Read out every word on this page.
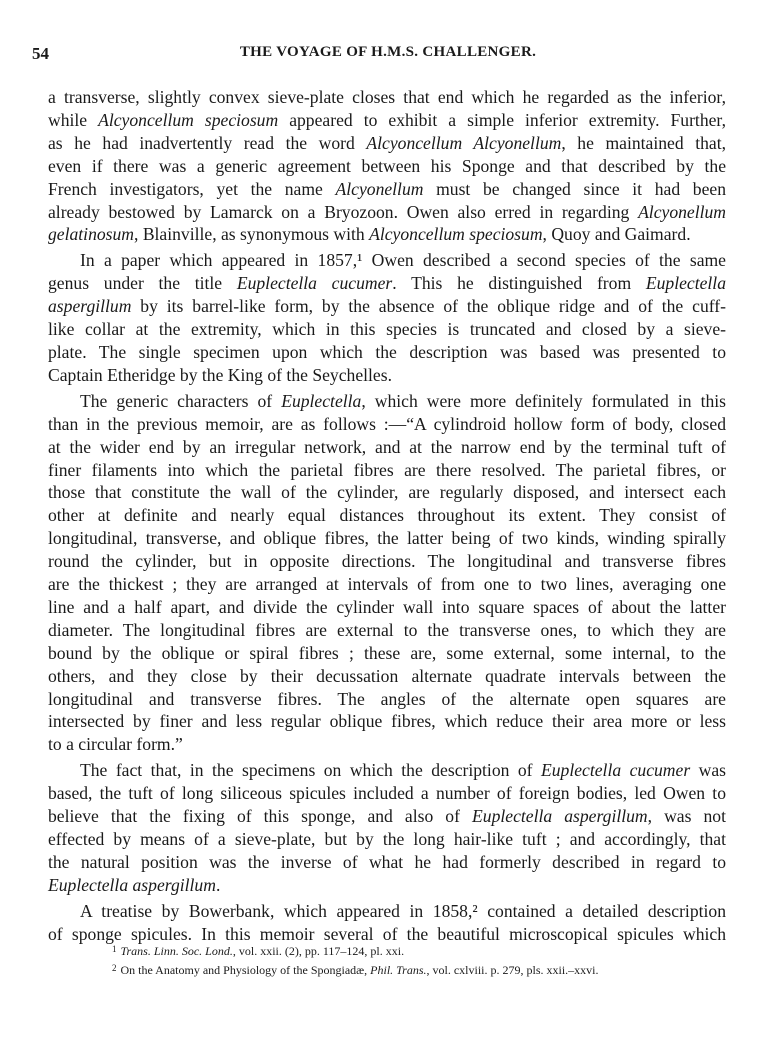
54	THE VOYAGE OF H.M.S. CHALLENGER.

a transverse, slightly convex sieve-plate closes that end which he regarded as the inferior,

while Alcyoncellum speciosum appeared to exhibit a simple inferior extremity. Further,

as he had inadvertently read the word Alcyoncellum Alcyonellum, he maintained that,

even if there was a generic agreement between his Sponge and that described by the

French investigators, yet the name Alcyonellum must be changed since it had been

already bestowed by Lamarck on a Bryozoon. Owen also erred in regarding Alcyonellum

gelatinosum, Blainville, as synonymous with Alcyoncellum speciosum, Quoy and Gaimard.

In a paper which appeared in 1857,¹ Owen described a second species of the same

genus under the title Euplectella cucumer. This he distinguished from Euplectella

aspergillum by its barrel-like form, by the absence of the oblique ridge and of the cuff-

like collar at the extremity, which in this species is truncated and closed by a sieve-

plate. The single specimen upon which the description was based was presented to

Captain Etheridge by the King of the Seychelles.

The generic characters of Euplectella, which were more definitely formulated in this

than in the previous memoir, are as follows :—“A cylindroid hollow form of body, closed

at the wider end by an irregular network, and at the narrow end by the terminal tuft of

finer filaments into which the parietal fibres are there resolved. The parietal fibres, or

those that constitute the wall of the cylinder, are regularly disposed, and intersect each

other at definite and nearly equal distances throughout its extent. They consist of

longitudinal, transverse, and oblique fibres, the latter being of two kinds, winding spirally

round the cylinder, but in opposite directions. The longitudinal and transverse fibres

are the thickest ; they are arranged at intervals of from one to two lines, averaging one

line and a half apart, and divide the cylinder wall into square spaces of about the latter

diameter. The longitudinal fibres are external to the transverse ones, to which they are

bound by the oblique or spiral fibres ; these are, some external, some internal, to the

others, and they close by their decussation alternate quadrate intervals between the

longitudinal and transverse fibres. The angles of the alternate open squares are

intersected by finer and less regular oblique fibres, which reduce their area more or less

to a circular form.”

The fact that, in the specimens on which the description of Euplectella cucumer was

based, the tuft of long siliceous spicules included a number of foreign bodies, led Owen to

believe that the fixing of this sponge, and also of Euplectella aspergillum, was not

effected by means of a sieve-plate, but by the long hair-like tuft ; and accordingly, that

the natural position was the inverse of what he had formerly described in regard to

Euplectella aspergillum.

A treatise by Bowerbank, which appeared in 1858,² contained a detailed description

of sponge spicules. In this memoir several of the beautiful microscopical spicules which

$^1$ Trans. Linn. Soc. Lond., vol. xxii. (2), pp. 117–124, pl. xxi.

$^2$ On the Anatomy and Physiology of the Spongiadæ, Phil. Trans., vol. cxlviii. p. 279, pls. xxii.–xxvi.
